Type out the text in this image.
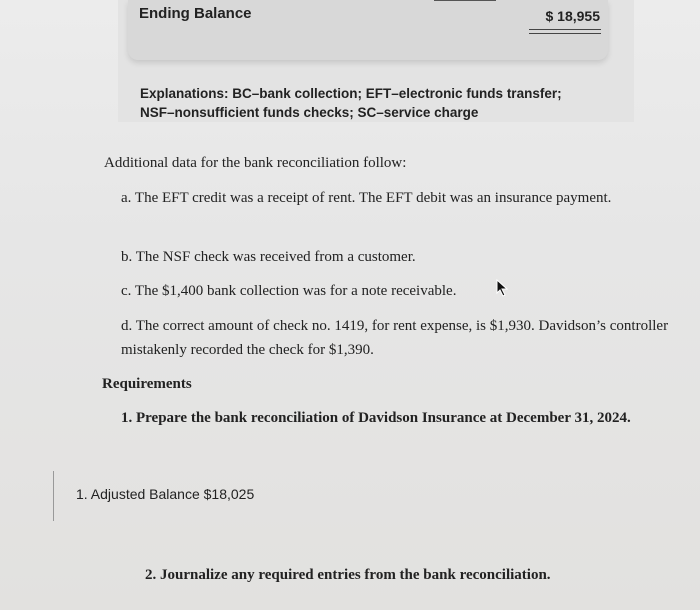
Ending Balance	$ 18,955
Explanations: BC–bank collection; EFT–electronic funds transfer;
NSF–nonsufficient funds checks; SC–service charge
Additional data for the bank reconciliation follow:
a. The EFT credit was a receipt of rent. The EFT debit was an insurance payment.
b. The NSF check was received from a customer.
c. The $1,400 bank collection was for a note receivable.
d. The correct amount of check no. 1419, for rent expense, is $1,930. Davidson’s controller mistakenly recorded the check for $1,390.
Requirements
1. Prepare the bank reconciliation of Davidson Insurance at December 31, 2024.
1. Adjusted Balance $18,025
2. Journalize any required entries from the bank reconciliation.
